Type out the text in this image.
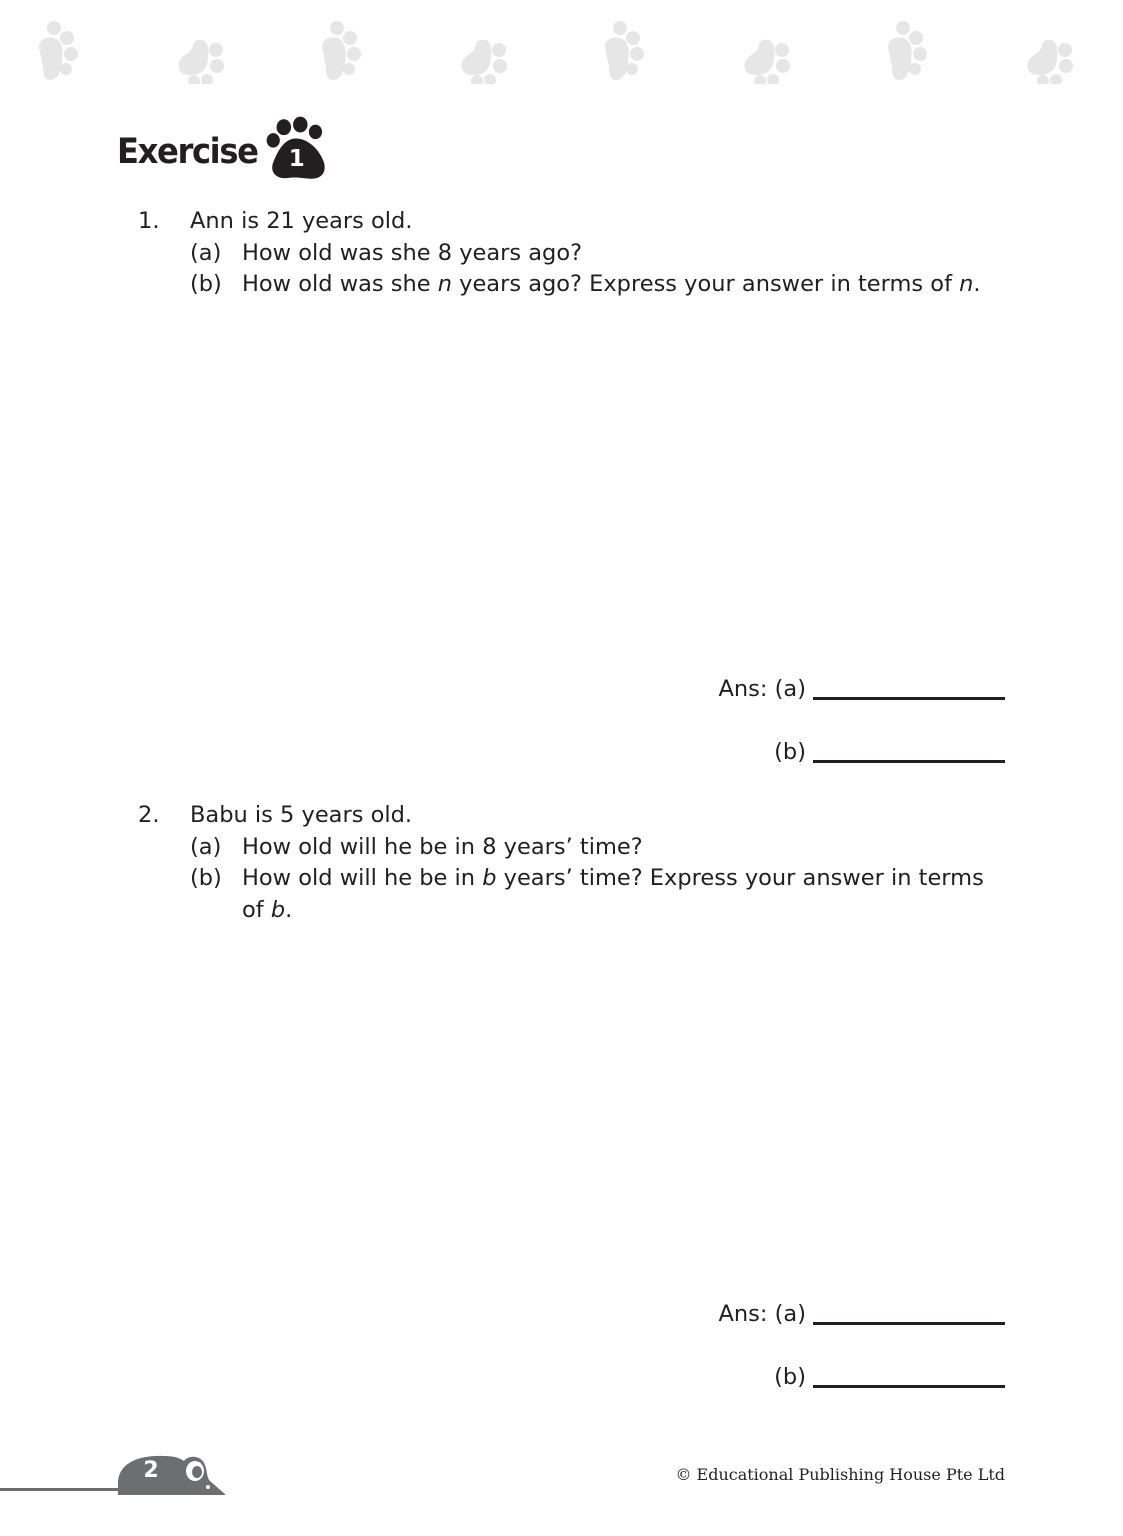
Exercise	1
1. Ann is 21 years old.
(a) How old was she 8 years ago?
(b) How old was she n years ago? Express your answer in terms of n.
Ans: (a)
(b)
2. Babu is 5 years old.
(a) How old will he be in 8 years’ time?
(b) How old will he be in b years’ time? Express your answer in terms
of b.
Ans: (a)
(b)
2	© Educational Publishing House Pte Ltd
